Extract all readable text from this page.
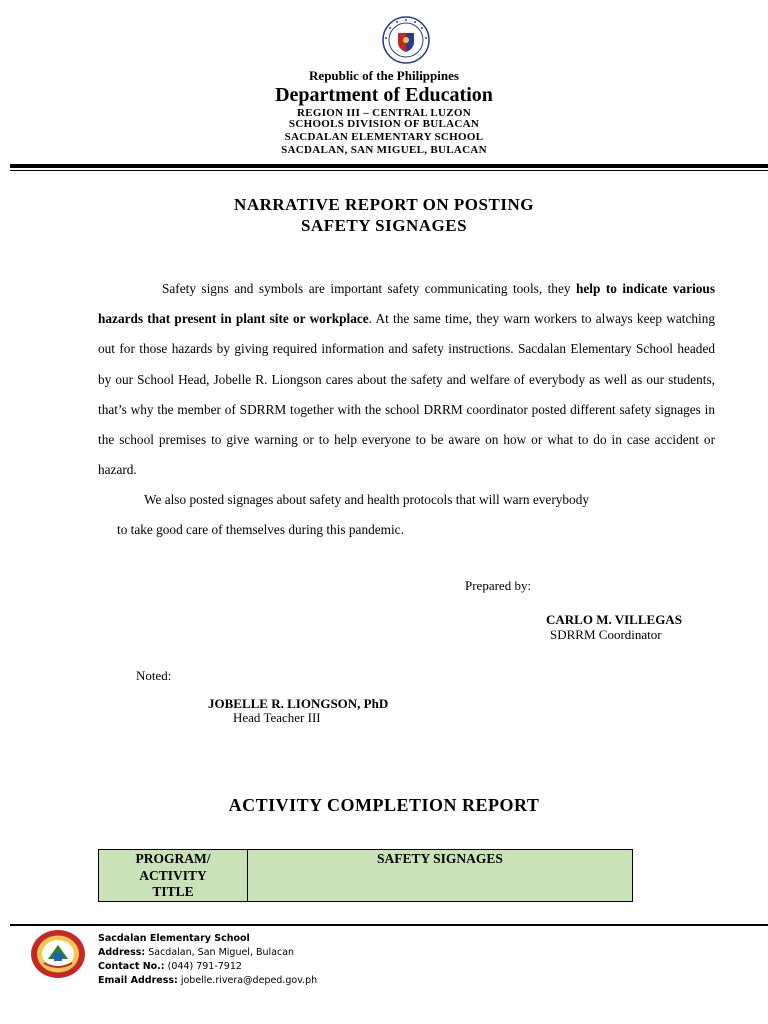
Republic of the Philippines
Department of Education
REGION III – CENTRAL LUZON
SCHOOLS DIVISION OF BULACAN
SACDALAN ELEMENTARY SCHOOL
SACDALAN, SAN MIGUEL, BULACAN
NARRATIVE REPORT ON POSTING
SAFETY SIGNAGES

Safety signs and symbols are important safety communicating tools, they help to indicate various hazards that present in plant site or workplace. At the same time, they warn workers to always keep watching out for those hazards by giving required information and safety instructions. Sacdalan Elementary School headed by our School Head, Jobelle R. Liongson cares about the safety and welfare of everybody as well as our students, that’s why the member of SDRRM together with the school DRRM coordinator posted different safety signages in the school premises to give warning or to help everyone to be aware on how or what to do in case accident or hazard.

We also posted signages about safety and health protocols that will warn everybody
to take good care of themselves during this pandemic.

Prepared by:
CARLO M. VILLEGAS
SDRRM Coordinator
Noted:
JOBELLE R. LIONGSON, PhD
Head Teacher III
ACTIVITY COMPLETION REPORT
PROGRAM/
ACTIVITY
TITLE
	SAFETY SIGNAGES
Sacdalan Elementary School
Address: Sacdalan, San Miguel, Bulacan
Contact No.: (044) 791-7912
Email Address: jobelle.rivera@deped.gov.ph
